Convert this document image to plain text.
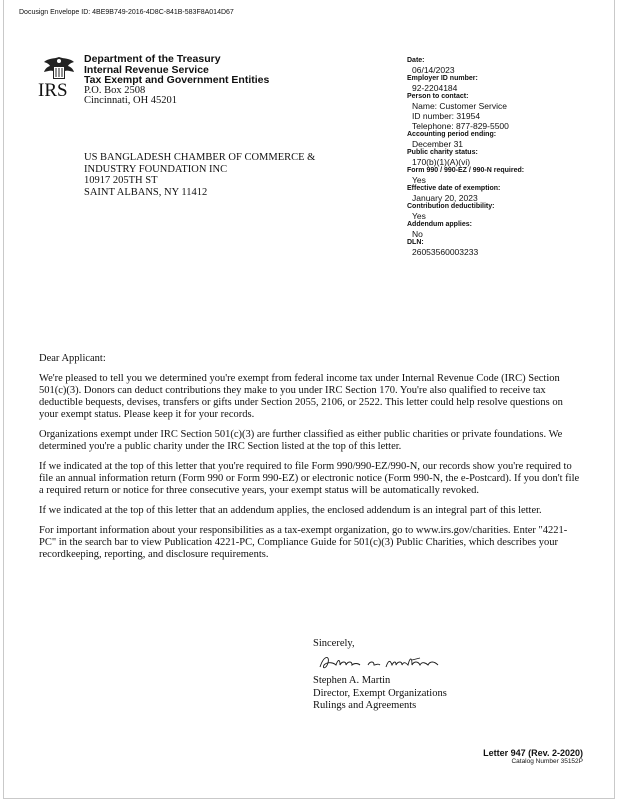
Docusign Envelope ID: 4BE9B749-2016-4D8C-841B-583F8A014D67
IRS
Department of the Treasury
Internal Revenue Service
Tax Exempt and Government Entities
P.O. Box 2508
Cincinnati, OH 45201
US BANGLADESH CHAMBER OF COMMERCE &
INDUSTRY FOUNDATION INC
10917 205TH ST
SAINT ALBANS, NY 11412
Date:
06/14/2023
Employer ID number:
92-2204184
Person to contact:
Name: Customer Service
ID number: 31954
Telephone: 877-829-5500
Accounting period ending:
December 31
Public charity status:
170(b)(1)(A)(vi)
Form 990 / 990-EZ / 990-N required:
Yes
Effective date of exemption:
January 20, 2023
Contribution deductibility:
Yes
Addendum applies:
No
DLN:
26053560003233

Dear Applicant:

We're pleased to tell you we determined you're exempt from federal income tax under Internal Revenue Code (IRC) Section 501(c)(3). Donors can deduct contributions they make to you under IRC Section 170. You're also qualified to receive tax deductible bequests, devises, transfers or gifts under Section 2055, 2106, or 2522. This letter could help resolve questions on your exempt status. Please keep it for your records.

Organizations exempt under IRC Section 501(c)(3) are further classified as either public charities or private foundations. We determined you're a public charity under the IRC Section listed at the top of this letter.

If we indicated at the top of this letter that you're required to file Form 990/990-EZ/990-N, our records show you're required to file an annual information return (Form 990 or Form 990-EZ) or electronic notice (Form 990-N, the e-Postcard). If you don't file a required return or notice for three consecutive years, your exempt status will be automatically revoked.

If we indicated at the top of this letter that an addendum applies, the enclosed addendum is an integral part of this letter.

For important information about your responsibilities as a tax-exempt organization, go to www.irs.gov/charities. Enter "4221-PC" in the search bar to view Publication 4221-PC, Compliance Guide for 501(c)(3) Public Charities, which describes your recordkeeping, reporting, and disclosure requirements.

Sincerely,
Stephen A. Martin
Director, Exempt Organizations
Rulings and Agreements
Letter 947 (Rev. 2-2020)
Catalog Number 35152P
